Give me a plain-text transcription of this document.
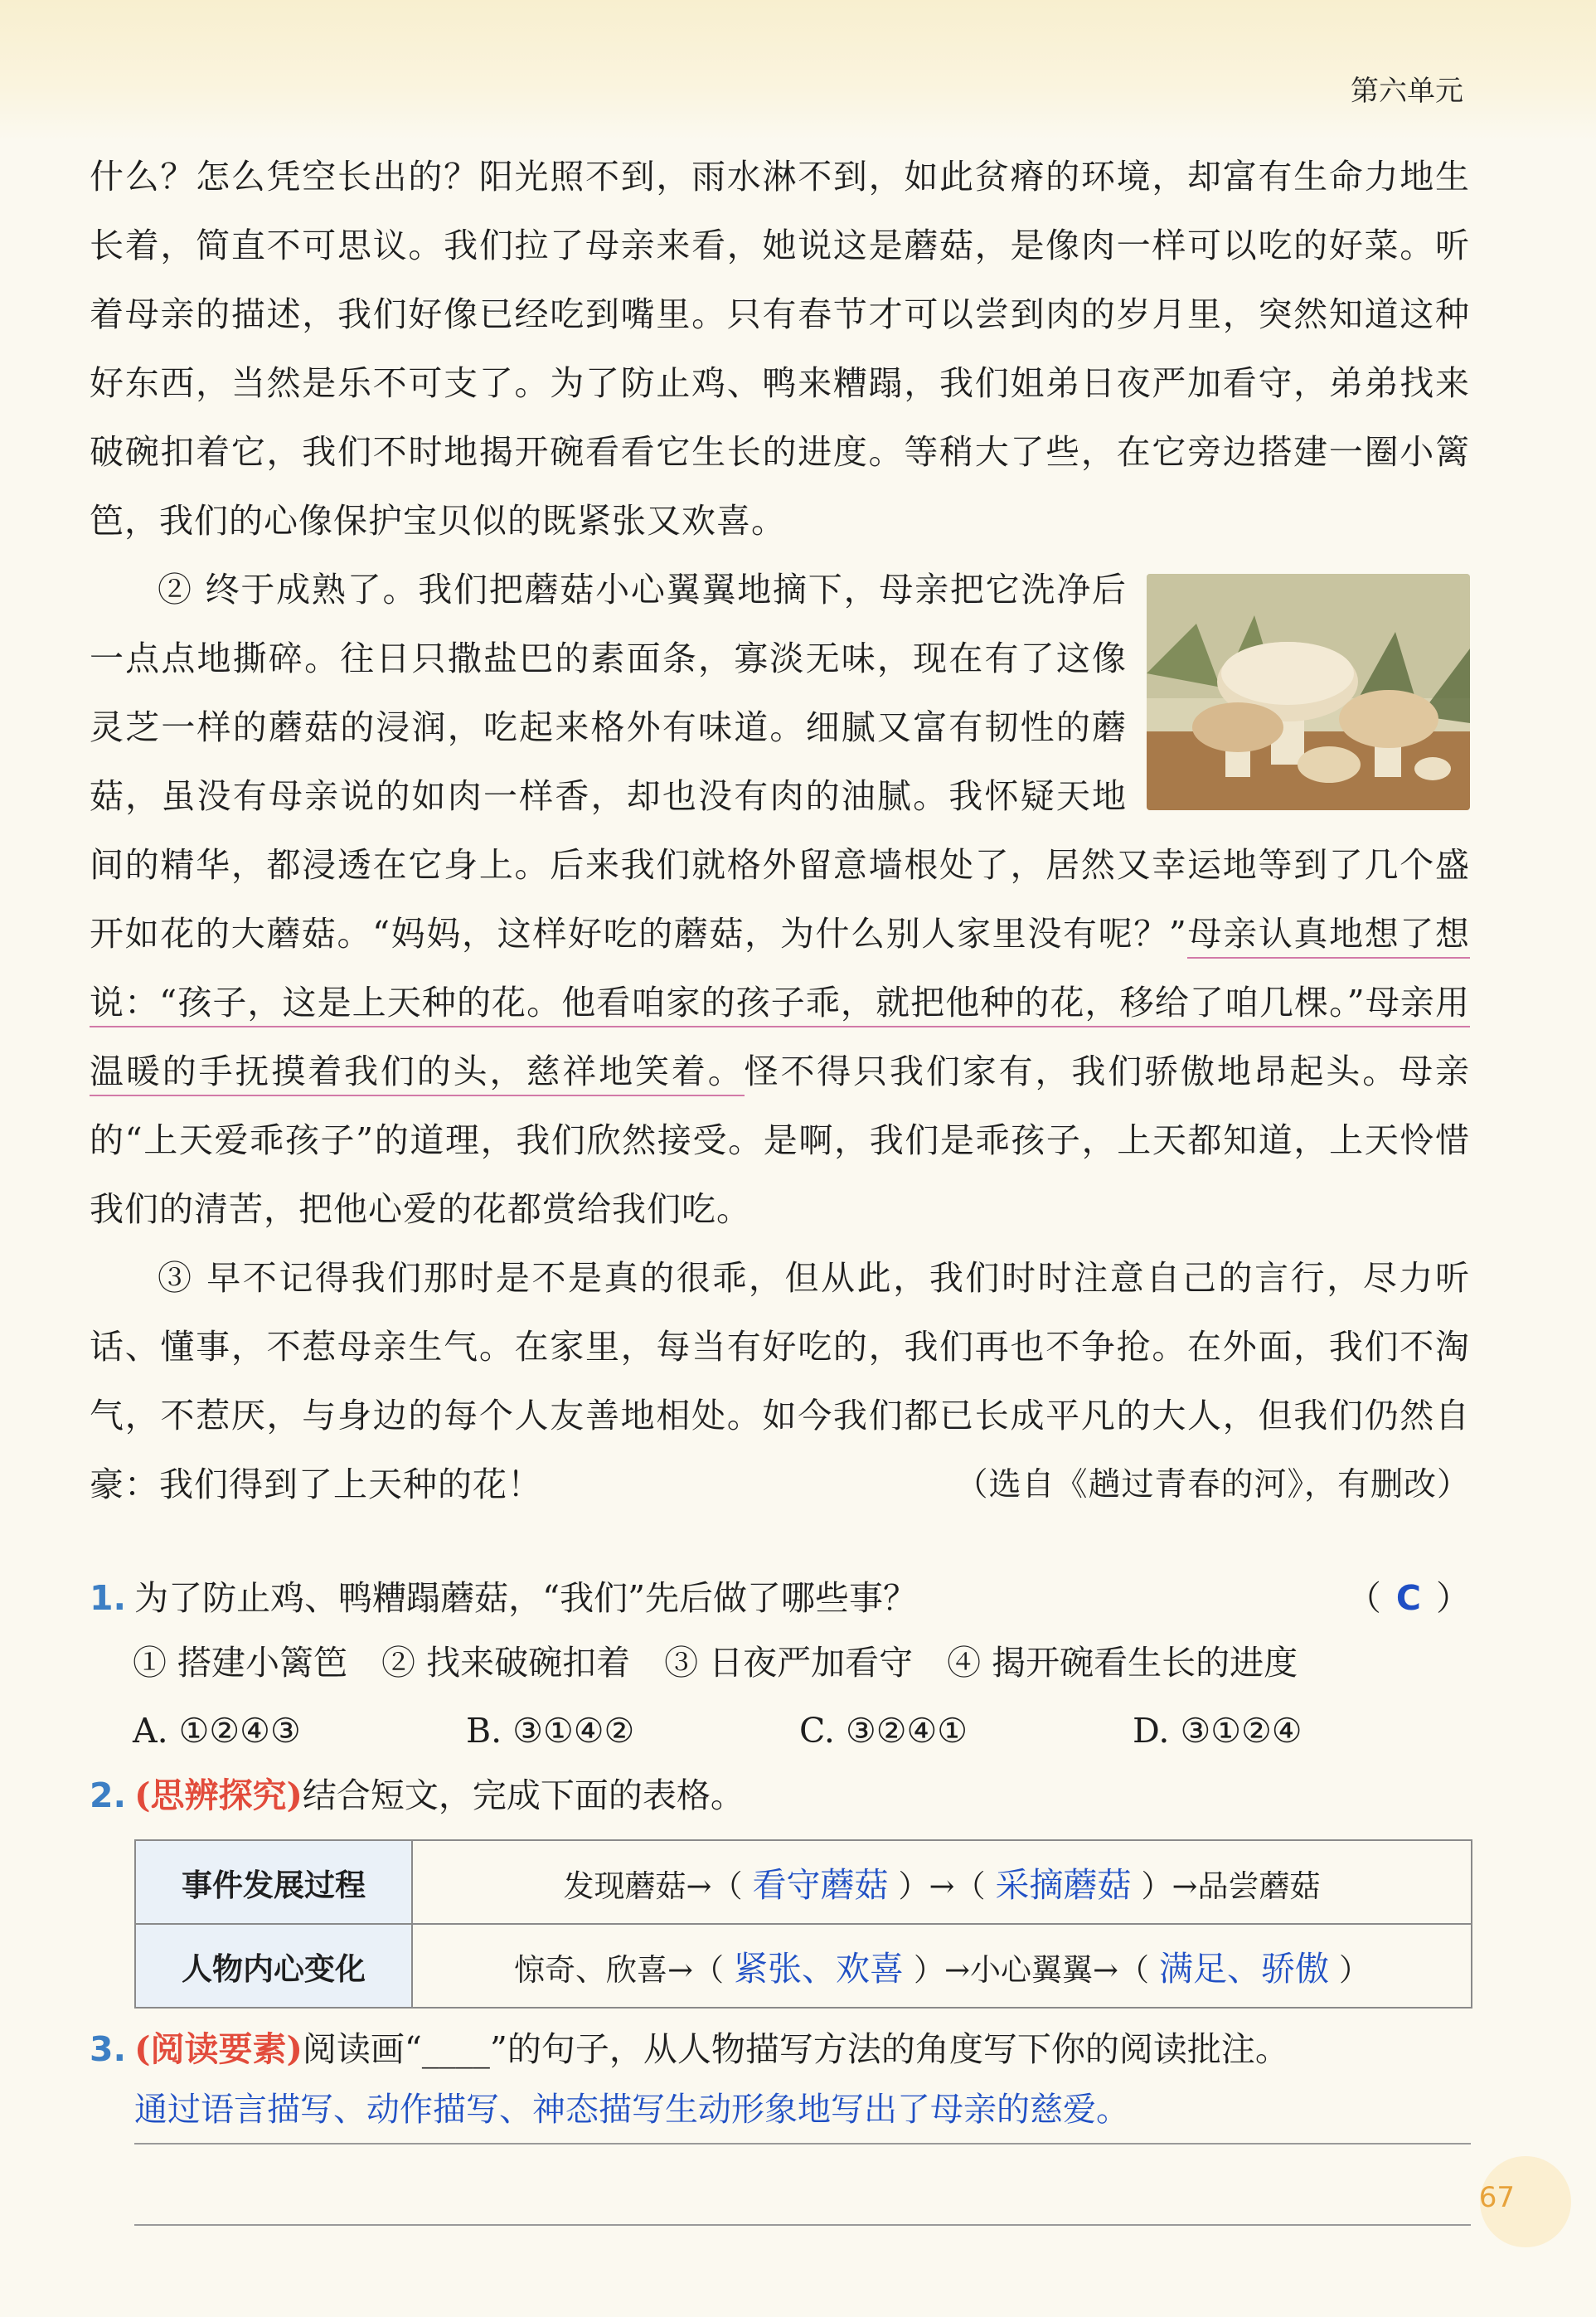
第六单元

什么？怎么凭空长出的？阳光照不到，雨水淋不到，如此贫瘠的环境，却富有生命力地生长着，简直不可思议。我们拉了母亲来看，她说这是蘑菇，是像肉一样可以吃的好菜。听着母亲的描述，我们好像已经吃到嘴里。只有春节才可以尝到肉的岁月里，突然知道这种好东西，当然是乐不可支了。为了防止鸡、鸭来糟蹋，我们姐弟日夜严加看守，弟弟找来破碗扣着它，我们不时地揭开碗看看它生长的进度。等稍大了些，在它旁边搭建一圈小篱笆，我们的心像保护宝贝似的既紧张又欢喜。

② 终于成熟了。我们把蘑菇小心翼翼地摘下，母亲把它洗净后一点点地撕碎。往日只撒盐巴的素面条，寡淡无味，现在有了这像灵芝一样的蘑菇的浸润，吃起来格外有味道。细腻又富有韧性的蘑菇，虽没有母亲说的如肉一样香，却也没有肉的油腻。我怀疑天地间的精华，都浸透在它身上。后来我们就格外留意墙根处了，居然又幸运地等到了几个盛开如花的大蘑菇。“妈妈，这样好吃的蘑菇，为什么别人家里没有呢？”母亲认真地想了想说：“孩子，这是上天种的花。他看咱家的孩子乖，就把他种的花，移给了咱几棵。”母亲用温暖的手抚摸着我们的头，慈祥地笑着。怪不得只我们家有，我们骄傲地昂起头。母亲的“上天爱乖孩子”的道理，我们欣然接受。是啊，我们是乖孩子，上天都知道，上天怜惜我们的清苦，把他心爱的花都赏给我们吃。

③ 早不记得我们那时是不是真的很乖，但从此，我们时时注意自己的言行，尽力听话、懂事，不惹母亲生气。在家里，每当有好吃的，我们再也不争抢。在外面，我们不淘气，不惹厌，与身边的每个人友善地相处。如今我们都已长成平凡的大人，但我们仍然自豪：我们得到了上天种的花！	（选自《趟过青春的河》，有删改）

1. 为了防止鸡、鸭糟蹋蘑菇，“我们”先后做了哪些事？	（ C ）
① 搭建小篱笆　② 找来破碗扣着　③ 日夜严加看守　④ 揭开碗看生长的进度
A. ①②④③	B. ③①④②	C. ③②④①	D. ③①②④
2. (思辨探究)结合短文，完成下面的表格。
事件发展过程	发现蘑菇→（ 看守蘑菇 ）→（ 采摘蘑菇 ）→品尝蘑菇
人物内心变化	惊奇、欣喜→（ 紧张、欢喜 ）→小心翼翼→（ 满足、骄傲 ）
3. (阅读要素)阅读画“____”的句子，从人物描写方法的角度写下你的阅读批注。
通过语言描写、动作描写、神态描写生动形象地写出了母亲的慈爱。
67
